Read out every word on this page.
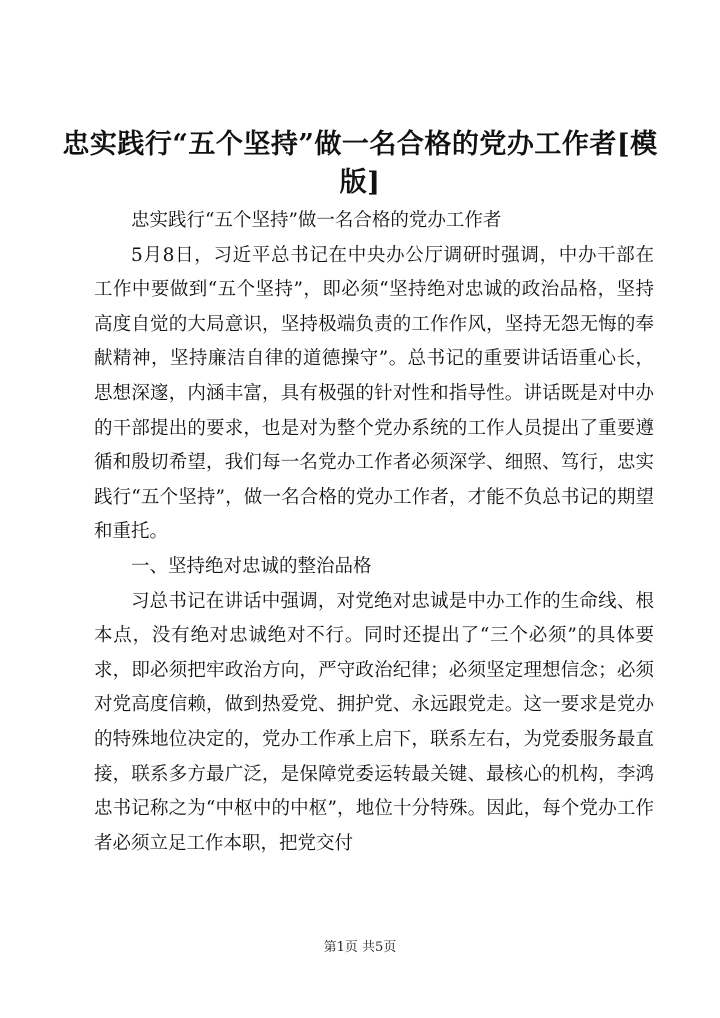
忠实践行“五个坚持”做一名合格的党办工作者[模版]

忠实践行“五个坚持”做一名合格的党办工作者

5月8日，习近平总书记在中央办公厅调研时强调，中办干部在工作中要做到“五个坚持”，即必须“坚持绝对忠诚的政治品格，坚持高度自觉的大局意识，坚持极端负责的工作作风，坚持无怨无悔的奉献精神，坚持廉洁自律的道德操守”。总书记的重要讲话语重心长，思想深邃，内涵丰富，具有极强的针对性和指导性。讲话既是对中办的干部提出的要求，也是对为整个党办系统的工作人员提出了重要遵循和殷切希望，我们每一名党办工作者必须深学、细照、笃行，忠实践行“五个坚持”，做一名合格的党办工作者，才能不负总书记的期望和重托。

一、坚持绝对忠诚的整治品格

习总书记在讲话中强调，对党绝对忠诚是中办工作的生命线、根本点，没有绝对忠诚绝对不行。同时还提出了“三个必须”的具体要求，即必须把牢政治方向，严守政治纪律；必须坚定理想信念；必须对党高度信赖，做到热爱党、拥护党、永远跟党走。这一要求是党办的特殊地位决定的，党办工作承上启下，联系左右，为党委服务最直接，联系多方最广泛，是保障党委运转最关键、最核心的机构，李鸿忠书记称之为“中枢中的中枢”，地位十分特殊。因此，每个党办工作者必须立足工作本职，把党交付

第1页 共5页
